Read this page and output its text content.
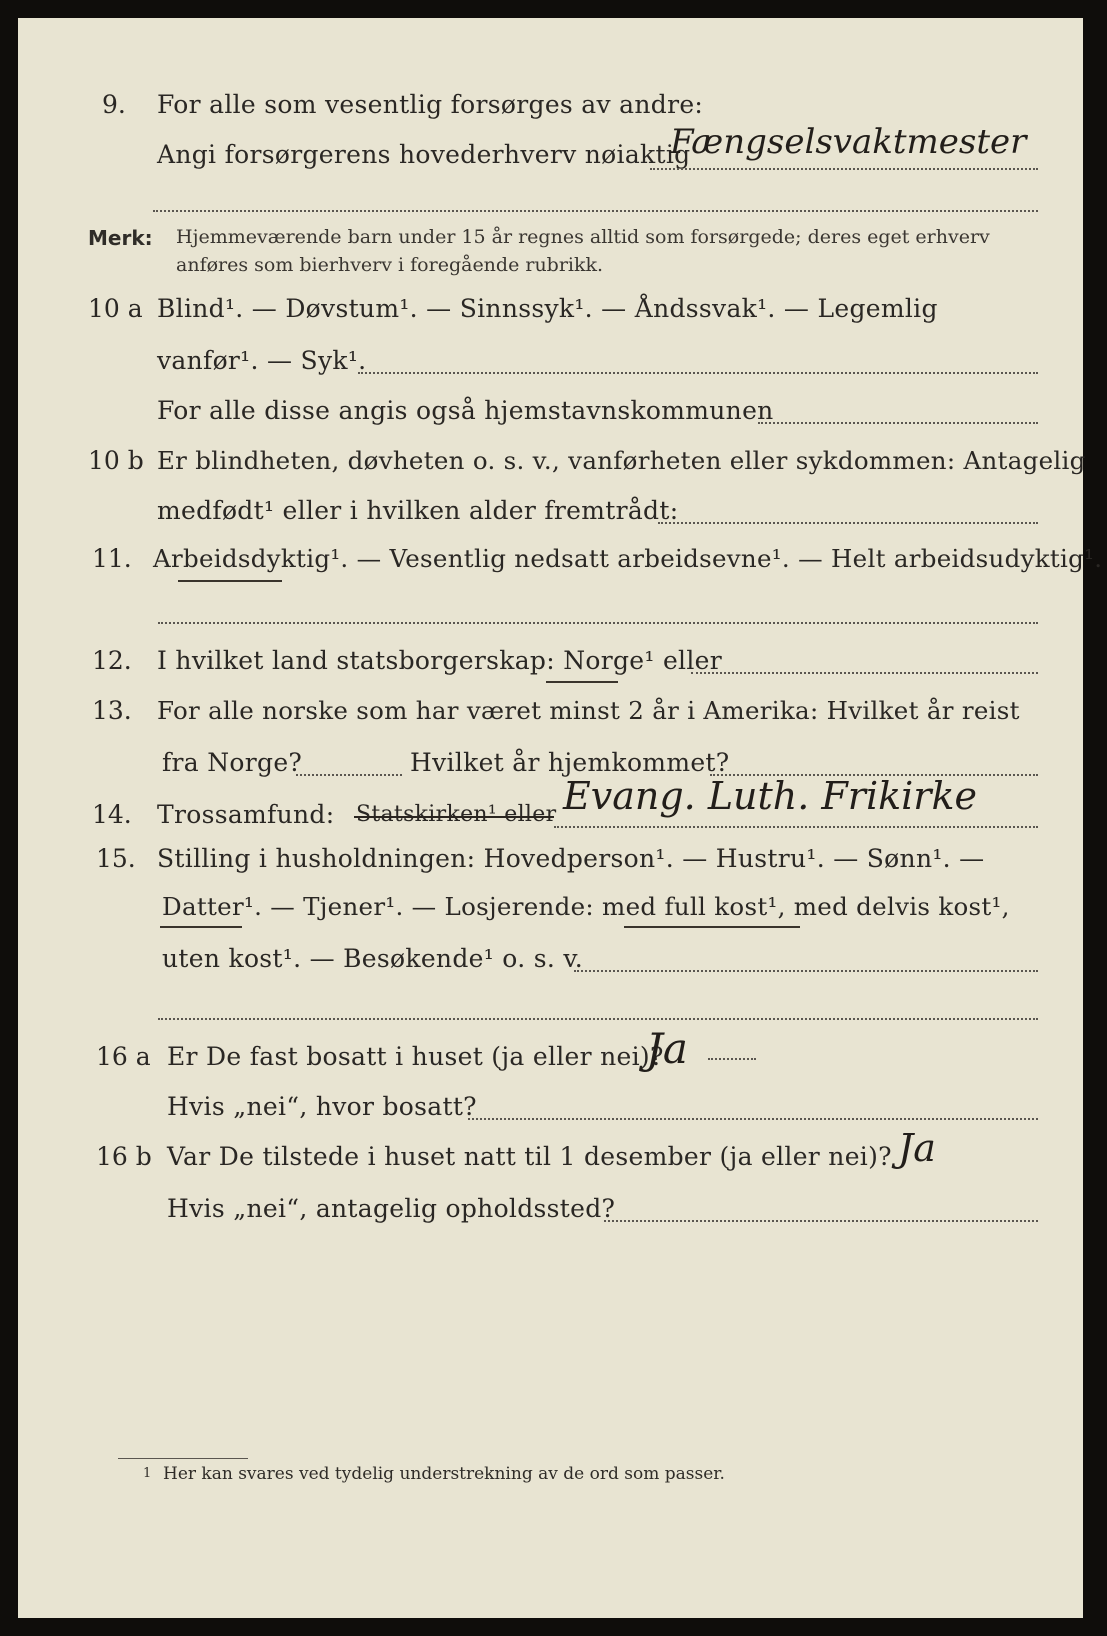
9. For alle som vesentlig forsørges av andre:
Angi forsørgerens hovederhverv nøiaktig
Fængselsvaktmester
Merk: Hjemmeværende barn under 15 år regnes alltid som forsørgede; deres eget erhverv
anføres som bierhverv i foregående rubrikk.
10 a Blind¹. — Døvstum¹. — Sinnssyk¹. — Åndssvak¹. — Legemlig
vanfør¹. — Syk¹.
For alle disse angis også hjemstavnskommunen
10 b Er blindheten, døvheten o. s. v., vanførheten eller sykdommen: Antagelig
medfødt¹ eller i hvilken alder fremtrådt:
11. Arbeidsdyktig¹. — Vesentlig nedsatt arbeidsevne¹. — Helt arbeidsudyktig¹.
12. I hvilket land statsborgerskap: Norge¹ eller
13. For alle norske som har været minst 2 år i Amerika: Hvilket år reist
fra Norge?	Hvilket år hjemkommet?
14. Trossamfund: Statskirken¹ eller Evang. Luth. Frikirke
15. Stilling i husholdningen: Hovedperson¹. — Hustru¹. — Sønn¹. —
Datter¹. — Tjener¹. — Losjerende: med full kost¹, med delvis kost¹,
uten kost¹. — Besøkende¹ o. s. v.
16 a Er De fast bosatt i huset (ja eller nei)?
Ja
Hvis „nei“, hvor bosatt?
16 b Var De tilstede i huset natt til 1 desember (ja eller nei)? Ja
Hvis „nei“, antagelig opholdssted?
1 Her kan svares ved tydelig understrekning av de ord som passer.
